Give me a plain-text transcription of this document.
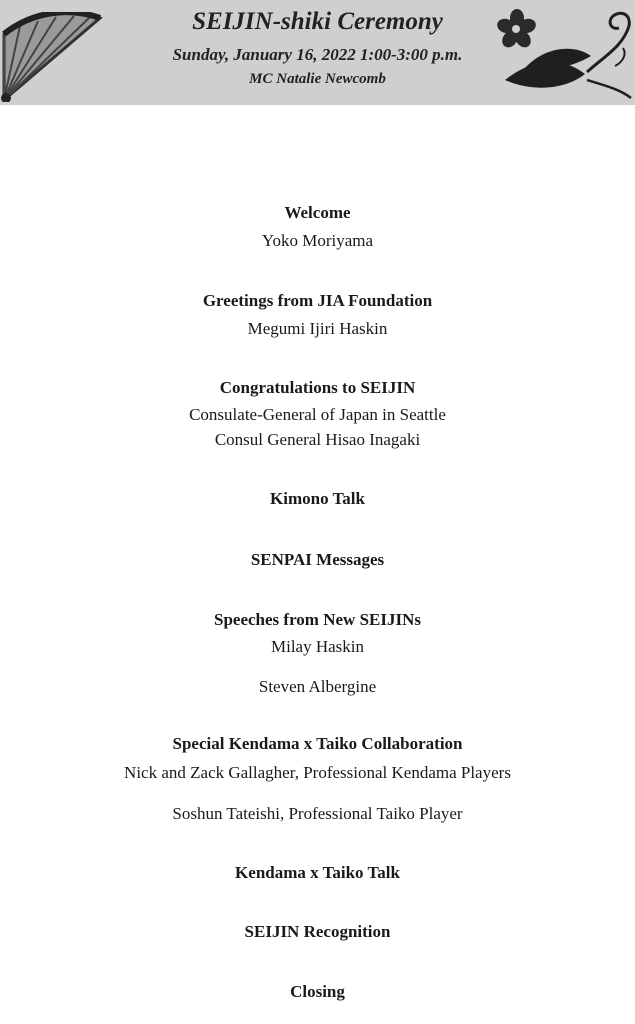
SEIJIN-shiki Ceremony
Sunday, January 16, 2022 1:00-3:00 p.m.
MC Natalie Newcomb
Welcome
Yoko Moriyama
Greetings from JIA Foundation
Megumi Ijiri Haskin
Congratulations to SEIJIN
Consulate-General of Japan in Seattle
Consul General Hisao Inagaki
Kimono Talk
SENPAI Messages
Speeches from New SEIJINs
Milay Haskin
Steven Albergine
Special Kendama x Taiko Collaboration
Nick and Zack Gallagher, Professional Kendama Players
Soshun Tateishi, Professional Taiko Player
Kendama x Taiko Talk
SEIJIN Recognition
Closing
